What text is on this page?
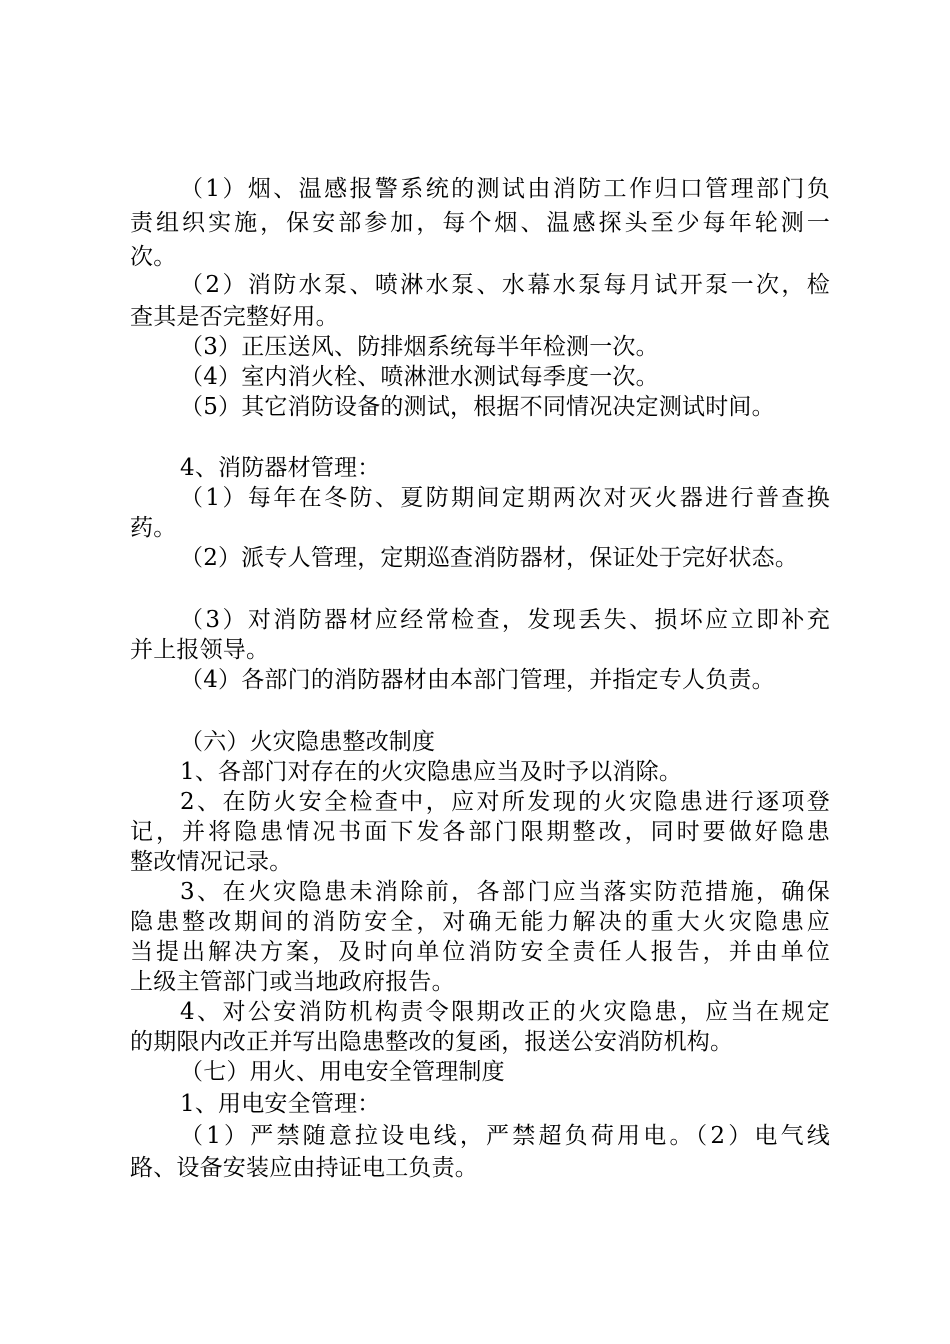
（1）烟、温感报警系统的测试由消防工作归口管理部门负
责组织实施，保安部参加，每个烟、温感探头至少每年轮测一
次。
（2）消防水泵、喷淋水泵、水幕水泵每月试开泵一次，检
查其是否完整好用。
（3）正压送风、防排烟系统每半年检测一次。
（4）室内消火栓、喷淋泄水测试每季度一次。
（5）其它消防设备的测试，根据不同情况决定测试时间。
4、消防器材管理：
（1）每年在冬防、夏防期间定期两次对灭火器进行普查换
药。
（2）派专人管理，定期巡查消防器材，保证处于完好状态。
（3）对消防器材应经常检查，发现丢失、损坏应立即补充
并上报领导。
（4）各部门的消防器材由本部门管理，并指定专人负责。
（六）火灾隐患整改制度
1、各部门对存在的火灾隐患应当及时予以消除。
2、在防火安全检查中，应对所发现的火灾隐患进行逐项登
记，并将隐患情况书面下发各部门限期整改，同时要做好隐患
整改情况记录。
3、在火灾隐患未消除前，各部门应当落实防范措施，确保
隐患整改期间的消防安全，对确无能力解决的重大火灾隐患应
当提出解决方案，及时向单位消防安全责任人报告，并由单位
上级主管部门或当地政府报告。
4、对公安消防机构责令限期改正的火灾隐患，应当在规定
的期限内改正并写出隐患整改的复函，报送公安消防机构。
（七）用火、用电安全管理制度
1、用电安全管理：
（1）严禁随意拉设电线，严禁超负荷用电。（2）电气线
路、设备安装应由持证电工负责。
